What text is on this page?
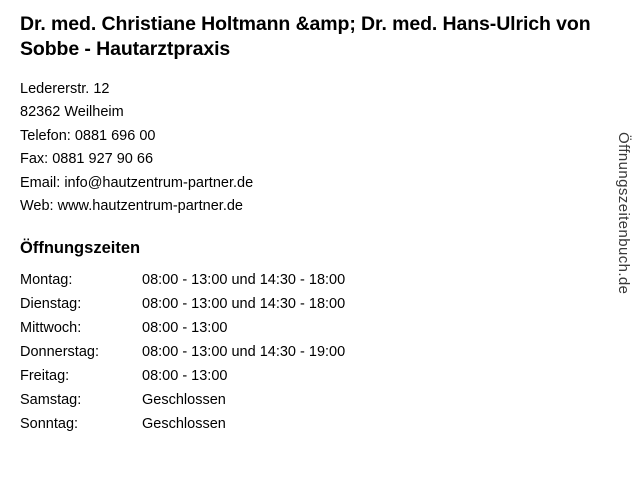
Dr. med. Christiane Holtmann &amp; Dr. med. Hans-Ulrich von Sobbe - Hautarztpraxis
Ledererstr. 12
82362 Weilheim
Telefon: 0881 696 00
Fax: 0881 927 90 66
Email: info@hautzentrum-partner.de
Web: www.hautzentrum-partner.de
Öffnungszeiten
Montag:	08:00 - 13:00 und 14:30 - 18:00
Dienstag:	08:00 - 13:00 und 14:30 - 18:00
Mittwoch:	08:00 - 13:00
Donnerstag:	08:00 - 13:00 und 14:30 - 19:00
Freitag:	08:00 - 13:00
Samstag:	Geschlossen
Sonntag:	Geschlossen
Öffnungszeitenbuch.de
